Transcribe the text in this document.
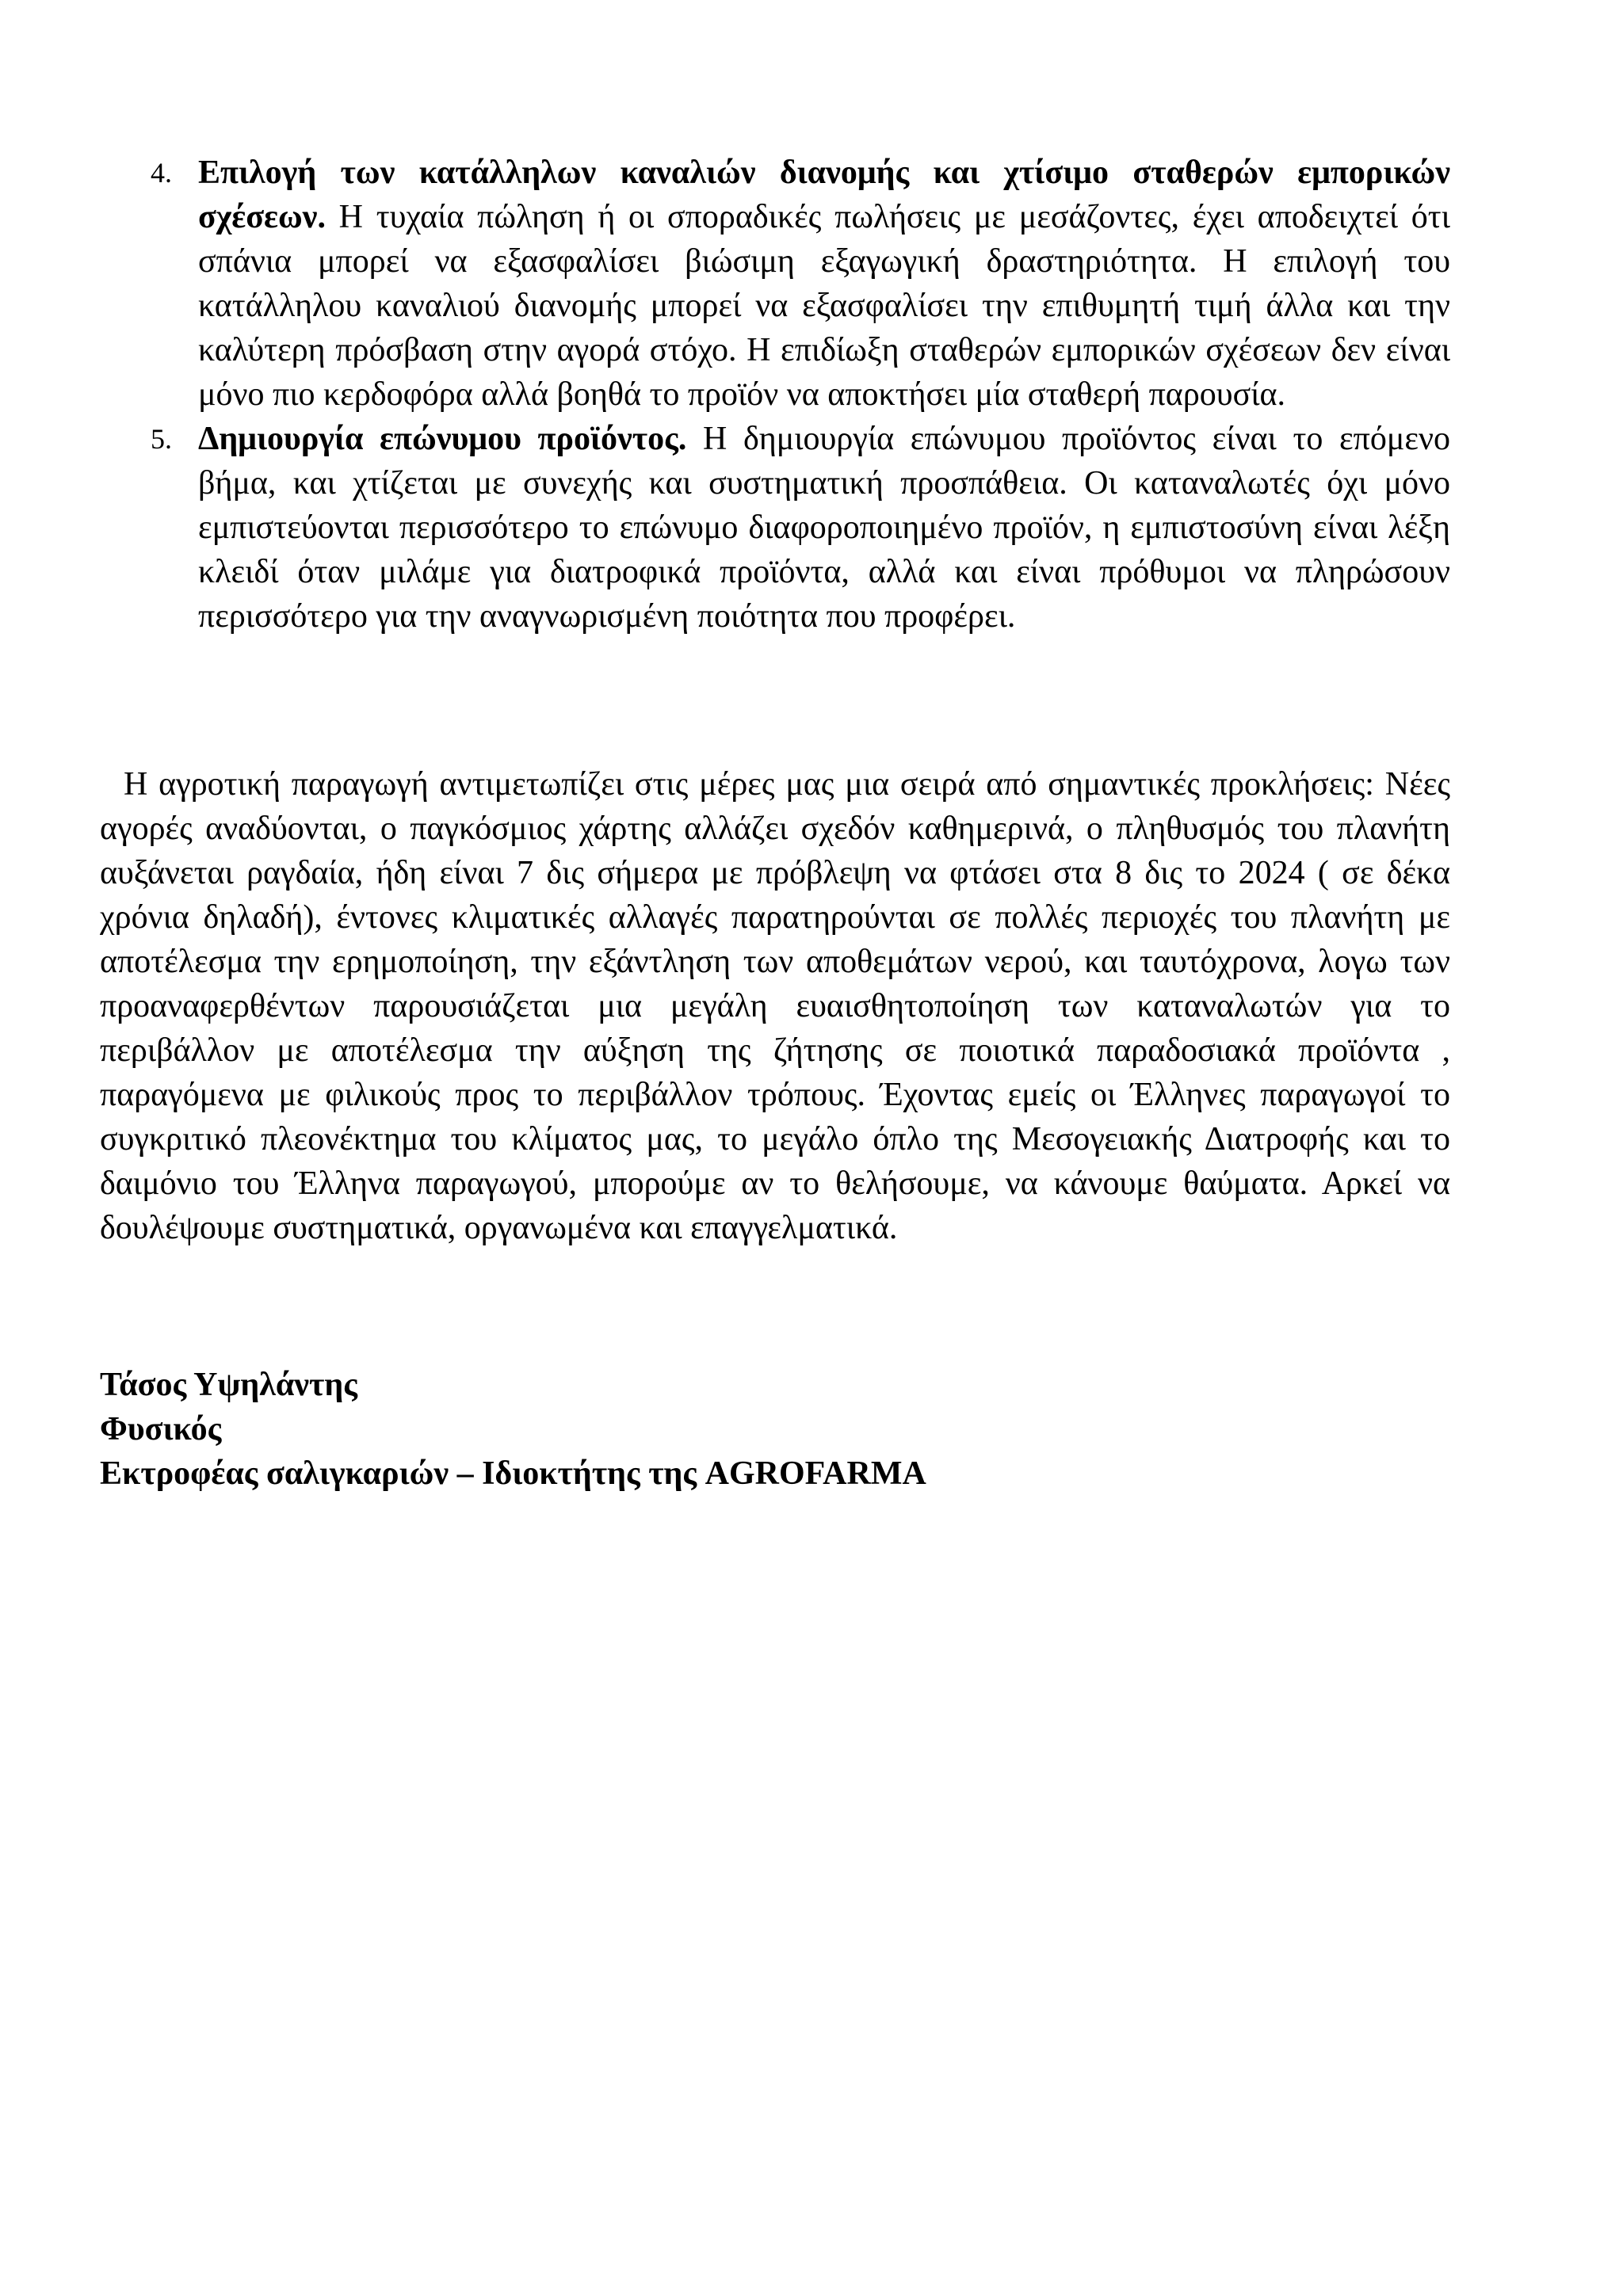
4. Επιλογή των κατάλληλων καναλιών διανομής και χτίσιμο σταθερών εμπορικών σχέσεων. Η τυχαία πώληση ή οι σποραδικές πωλήσεις με μεσάζοντες, έχει αποδειχτεί ότι σπάνια μπορεί να εξασφαλίσει βιώσιμη εξαγωγική δραστηριότητα. Η επιλογή του κατάλληλου καναλιού διανομής μπορεί να εξασφαλίσει την επιθυμητή τιμή άλλα και την καλύτερη πρόσβαση στην αγορά στόχο. Η επιδίωξη σταθερών εμπορικών σχέσεων δεν είναι μόνο πιο κερδοφόρα αλλά βοηθά το προϊόν να αποκτήσει μία σταθερή παρουσία.

5. Δημιουργία επώνυμου προϊόντος. Η δημιουργία επώνυμου προϊόντος είναι το επόμενο βήμα, και χτίζεται με συνεχής και συστηματική προσπάθεια. Οι καταναλωτές όχι μόνο εμπιστεύονται περισσότερο το επώνυμο διαφοροποιημένο προϊόν, η εμπιστοσύνη είναι λέξη κλειδί όταν μιλάμε για διατροφικά προϊόντα, αλλά και είναι πρόθυμοι να πληρώσουν περισσότερο για την αναγνωρισμένη ποιότητα που προφέρει.

Η αγροτική παραγωγή αντιμετωπίζει στις μέρες μας μια σειρά από σημαντικές προκλήσεις: Νέες αγορές αναδύονται, ο παγκόσμιος χάρτης αλλάζει σχεδόν καθημερινά, ο πληθυσμός του πλανήτη αυξάνεται ραγδαία, ήδη είναι 7 δις σήμερα με πρόβλεψη να φτάσει στα 8 δις το 2024 ( σε δέκα χρόνια δηλαδή), έντονες κλιματικές αλλαγές παρατηρούνται σε πολλές περιοχές του πλανήτη με αποτέλεσμα την ερημοποίηση, την εξάντληση των αποθεμάτων νερού, και ταυτόχρονα, λογω των προαναφερθέντων παρουσιάζεται μια μεγάλη ευαισθητοποίηση των καταναλωτών για το περιβάλλον με αποτέλεσμα την αύξηση της ζήτησης σε ποιοτικά παραδοσιακά προϊόντα , παραγόμενα με φιλικούς προς το περιβάλλον τρόπους. Έχοντας εμείς οι Έλληνες παραγωγοί το συγκριτικό πλεονέκτημα του κλίματος μας, το μεγάλο όπλο της Μεσογειακής Διατροφής και το δαιμόνιο του Έλληνα παραγωγού, μπορούμε αν το θελήσουμε, να κάνουμε θαύματα. Αρκεί να δουλέψουμε συστηματικά, οργανωμένα και επαγγελματικά.

Τάσος Υψηλάντης
Φυσικός
Εκτροφέας σαλιγκαριών – Ιδιοκτήτης της AGROFARMA
